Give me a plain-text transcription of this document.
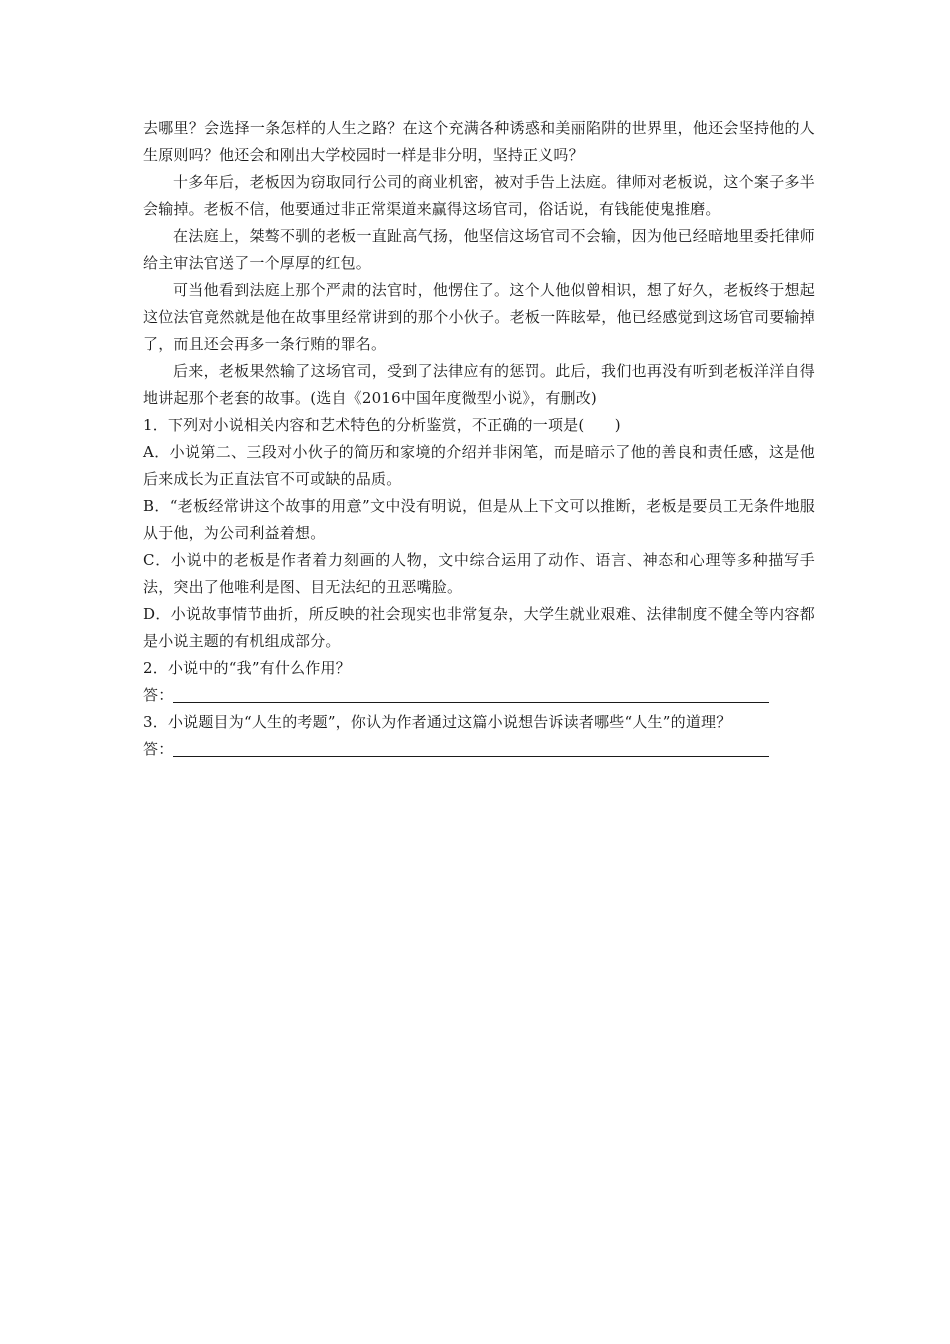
去哪里？会选择一条怎样的人生之路？在这个充满各种诱惑和美丽陷阱的世界里，他还会坚持他的人生原则吗？他还会和刚出大学校园时一样是非分明，坚持正义吗？

十多年后，老板因为窃取同行公司的商业机密，被对手告上法庭。律师对老板说，这个案子多半会输掉。老板不信，他要通过非正常渠道来赢得这场官司，俗话说，有钱能使鬼推磨。

在法庭上，桀骜不驯的老板一直趾高气扬，他坚信这场官司不会输，因为他已经暗地里委托律师给主审法官送了一个厚厚的红包。

可当他看到法庭上那个严肃的法官时，他愣住了。这个人他似曾相识，想了好久，老板终于想起这位法官竟然就是他在故事里经常讲到的那个小伙子。老板一阵眩晕，他已经感觉到这场官司要输掉了，而且还会再多一条行贿的罪名。

后来，老板果然输了这场官司，受到了法律应有的惩罚。此后，我们也再没有听到老板洋洋自得地讲起那个老套的故事。(选自《2016中国年度微型小说》，有删改)

1．下列对小说相关内容和艺术特色的分析鉴赏，不正确的一项是(　　)

A．小说第二、三段对小伙子的简历和家境的介绍并非闲笔，而是暗示了他的善良和责任感，这是他后来成长为正直法官不可或缺的品质。

B．“老板经常讲这个故事的用意”文中没有明说，但是从上下文可以推断，老板是要员工无条件地服从于他，为公司利益着想。

C．小说中的老板是作者着力刻画的人物，文中综合运用了动作、语言、神态和心理等多种描写手法，突出了他唯利是图、目无法纪的丑恶嘴脸。

D．小说故事情节曲折，所反映的社会现实也非常复杂，大学生就业艰难、法律制度不健全等内容都是小说主题的有机组成部分。

2．小说中的“我”有什么作用？

答：

3．小说题目为“人生的考题”，你认为作者通过这篇小说想告诉读者哪些“人生”的道理？

答：
